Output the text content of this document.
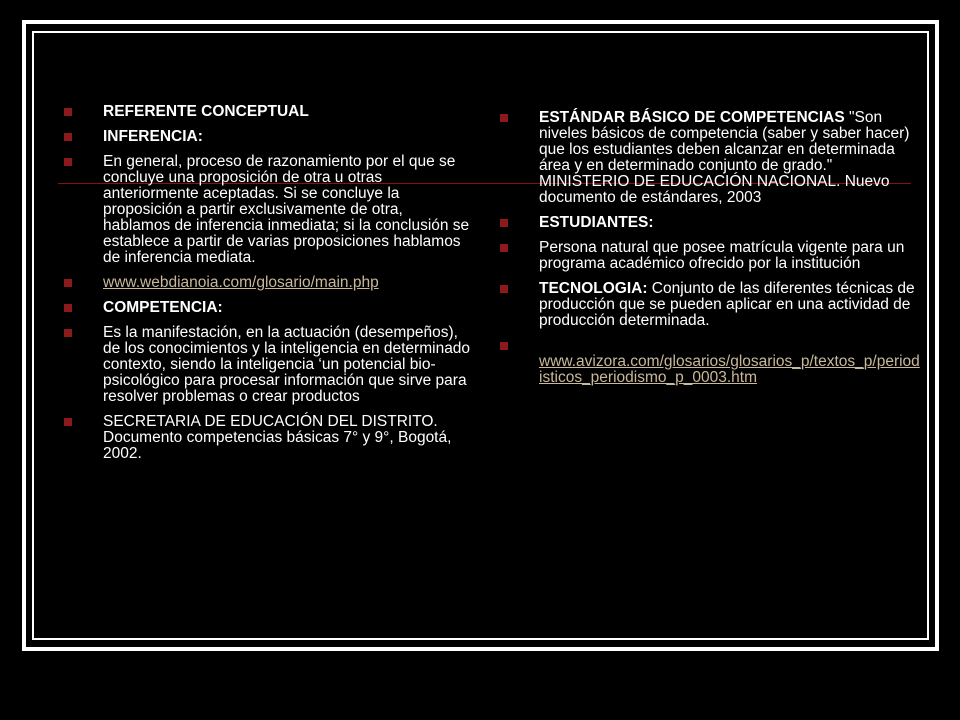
REFERENTE CONCEPTUAL
INFERENCIA:
En general, proceso de razonamiento por el que se concluye una proposición de otra u otras anteriormente aceptadas. Si se concluye la proposición a partir exclusivamente de otra, hablamos de inferencia inmediata; si la conclusión se establece a partir de varias proposiciones hablamos de inferencia mediata.
www.webdianoia.com/glosario/main.php
COMPETENCIA:
Es la manifestación, en la actuación (desempeños), de los conocimientos y la inteligencia en determinado contexto, siendo la inteligencia ‘un potencial bio-psicológico para procesar información que sirve para resolver problemas o crear productos
SECRETARIA DE EDUCACIÓN DEL DISTRITO. Documento competencias básicas 7° y 9°, Bogotá, 2002.
ESTÁNDAR BÁSICO DE COMPETENCIAS "Son niveles básicos de competencia (saber y saber hacer) que los estudiantes deben alcanzar en determinada área y en determinado conjunto de grado." MINISTERIO DE EDUCACIÓN NACIONAL. Nuevo documento de estándares, 2003
ESTUDIANTES:
Persona natural que posee matrícula vigente para un programa académico ofrecido por la institución
TECNOLOGIA: Conjunto de las diferentes técnicas de producción que se pueden aplicar en una actividad de producción determinada.
www.avizora.com/glosarios/glosarios_p/textos_p/periodisticos_periodismo_p_0003.htm
